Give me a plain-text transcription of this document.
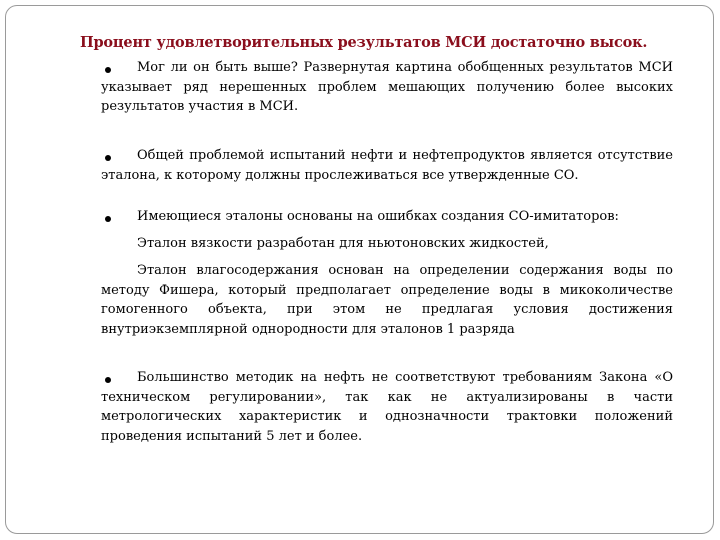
Процент удовлетворительных результатов МСИ достаточно высок.

Мог ли он быть выше? Развернутая картина обобщенных результатов МСИ указывает ряд нерешенных проблем мешающих получению более высоких результатов участия в МСИ.

Общей проблемой испытаний нефти и нефтепродуктов является отсутствие эталона, к которому должны прослеживаться все утвержденные СО.

Имеющиеся эталоны основаны на ошибках создания СО-имитаторов:

Эталон вязкости разработан для ньютоновских жидкостей,

Эталон влагосодержания основан на определении содержания воды по методу Фишера, который предполагает определение воды в микоколичестве гомогенного объекта, при этом не предлагая условия достижения внутриэкземплярной однородности для эталонов 1 разряда

Большинство методик на нефть не соответствуют требованиям Закона «О техническом регулировании», так как не актуализированы в части метрологических характеристик и однозначности трактовки положений проведения испытаний 5 лет и более.
